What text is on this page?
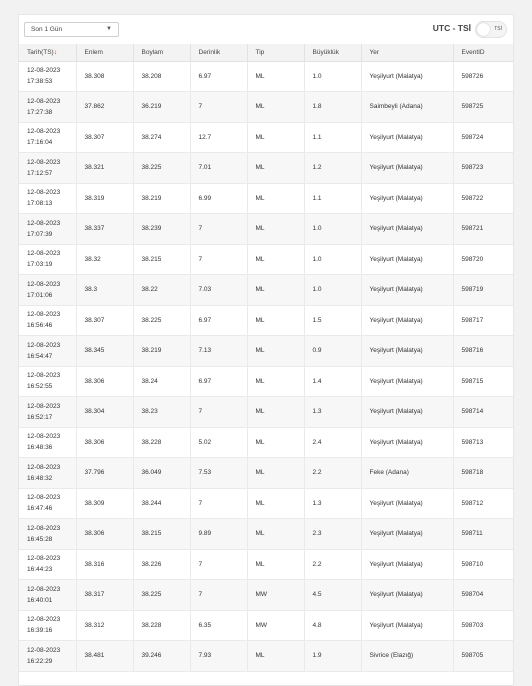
Son 1 Gün	▼	UTC - TSİ	TSİ
Tarih(TS)↓	Enlem	Boylam	Derinlik	Tip	Büyüklük	Yer	EventID
12-08-2023
17:38:53	38.308	38.208	6.97	ML	1.0	Yeşilyurt (Malatya)	598726
12-08-2023
17:27:38	37.862	36.219	7	ML	1.8	Saimbeyli (Adana)	598725
12-08-2023
17:16:04	38.307	38.274	12.7	ML	1.1	Yeşilyurt (Malatya)	598724
12-08-2023
17:12:57	38.321	38.225	7.01	ML	1.2	Yeşilyurt (Malatya)	598723
12-08-2023
17:08:13	38.319	38.219	6.99	ML	1.1	Yeşilyurt (Malatya)	598722
12-08-2023
17:07:39	38.337	38.239	7	ML	1.0	Yeşilyurt (Malatya)	598721
12-08-2023
17:03:19	38.32	38.215	7	ML	1.0	Yeşilyurt (Malatya)	598720
12-08-2023
17:01:06	38.3	38.22	7.03	ML	1.0	Yeşilyurt (Malatya)	598719
12-08-2023
16:56:46	38.307	38.225	6.97	ML	1.5	Yeşilyurt (Malatya)	598717
12-08-2023
16:54:47	38.345	38.219	7.13	ML	0.9	Yeşilyurt (Malatya)	598716
12-08-2023
16:52:55	38.306	38.24	6.97	ML	1.4	Yeşilyurt (Malatya)	598715
12-08-2023
16:52:17	38.304	38.23	7	ML	1.3	Yeşilyurt (Malatya)	598714
12-08-2023
16:48:36	38.306	38.228	5.02	ML	2.4	Yeşilyurt (Malatya)	598713
12-08-2023
16:48:32	37.796	36.049	7.53	ML	2.2	Feke (Adana)	598718
12-08-2023
16:47:46	38.309	38.244	7	ML	1.3	Yeşilyurt (Malatya)	598712
12-08-2023
16:45:28	38.306	38.215	9.89	ML	2.3	Yeşilyurt (Malatya)	598711
12-08-2023
16:44:23	38.316	38.226	7	ML	2.2	Yeşilyurt (Malatya)	598710
12-08-2023
16:40:01	38.317	38.225	7	MW	4.5	Yeşilyurt (Malatya)	598704
12-08-2023
16:39:16	38.312	38.228	6.35	MW	4.8	Yeşilyurt (Malatya)	598703
12-08-2023
16:22:29	38.481	39.246	7.93	ML	1.9	Sivrice (Elazığ)	598705
